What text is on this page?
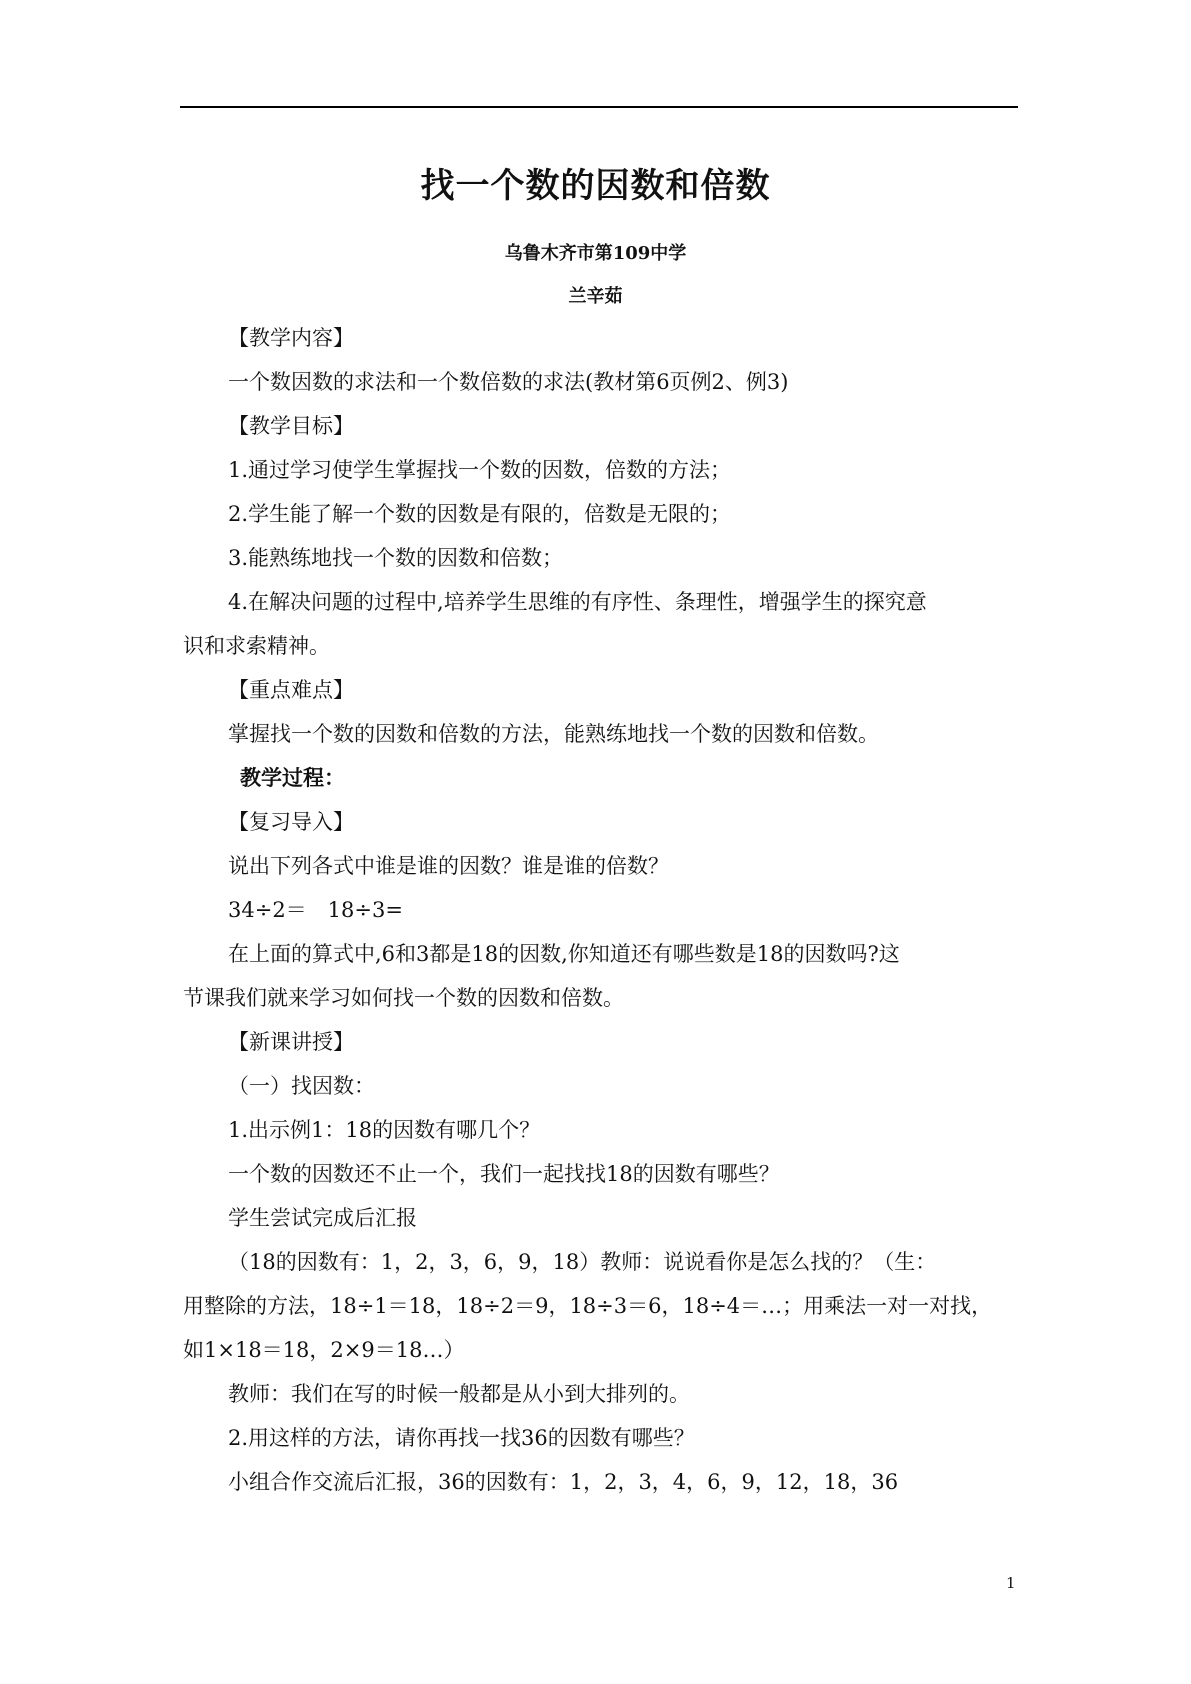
找一个数的因数和倍数
乌鲁木齐市第109中学
兰辛茹
【教学内容】
一个数因数的求法和一个数倍数的求法(教材第6页例2、例3)
【教学目标】
1.通过学习使学生掌握找一个数的因数，倍数的方法；
2.学生能了解一个数的因数是有限的，倍数是无限的；
3.能熟练地找一个数的因数和倍数；
4.在解决问题的过程中,培养学生思维的有序性、条理性，增强学生的探究意
识和求索精神。
【重点难点】
掌握找一个数的因数和倍数的方法，能熟练地找一个数的因数和倍数。
教学过程：
【复习导入】
说出下列各式中谁是谁的因数？谁是谁的倍数？
34÷2＝　18÷3=
在上面的算式中,6和3都是18的因数,你知道还有哪些数是18的因数吗?这
节课我们就来学习如何找一个数的因数和倍数。
【新课讲授】
（一）找因数：
1.出示例1：18的因数有哪几个？
一个数的因数还不止一个，我们一起找找18的因数有哪些？
学生尝试完成后汇报
（18的因数有：1，2，3，6，9，18）教师：说说看你是怎么找的？（生：
用整除的方法，18÷1＝18，18÷2＝9，18÷3＝6，18÷4＝…；用乘法一对一对找，
如1×18＝18，2×9＝18…）
教师：我们在写的时候一般都是从小到大排列的。
2.用这样的方法，请你再找一找36的因数有哪些？
小组合作交流后汇报，36的因数有：1，2，3，4，6，9，12，18，36
1
